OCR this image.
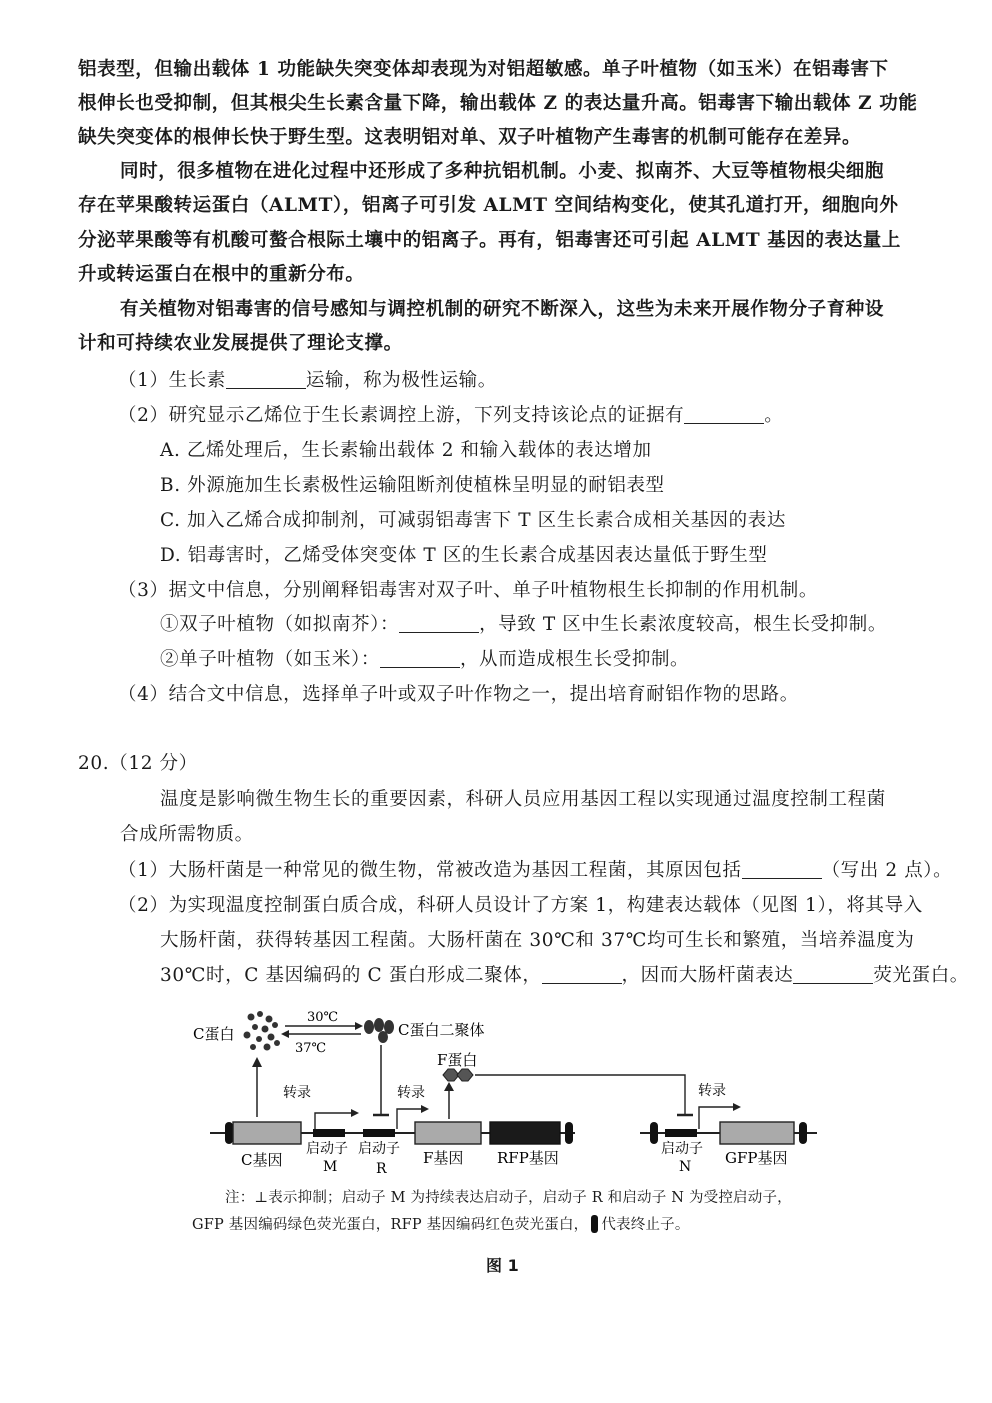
铝表型，但输出载体 1 功能缺失突变体却表现为对铝超敏感。单子叶植物（如玉米）在铝毒害下
根伸长也受抑制，但其根尖生长素含量下降，输出载体 Z 的表达量升高。铝毒害下输出载体 Z 功能
缺失突变体的根伸长快于野生型。这表明铝对单、双子叶植物产生毒害的机制可能存在差异。
同时，很多植物在进化过程中还形成了多种抗铝机制。小麦、拟南芥、大豆等植物根尖细胞
存在苹果酸转运蛋白（ALMT），铝离子可引发 ALMT 空间结构变化，使其孔道打开，细胞向外
分泌苹果酸等有机酸可螯合根际土壤中的铝离子。再有，铝毒害还可引起 ALMT 基因的表达量上
升或转运蛋白在根中的重新分布。
有关植物对铝毒害的信号感知与调控机制的研究不断深入，这些为未来开展作物分子育种设
计和可持续农业发展提供了理论支撑。
（1）生长素	运输，称为极性运输。
（2）研究显示乙烯位于生长素调控上游，下列支持该论点的证据有	。
A. 乙烯处理后，生长素输出载体 2 和输入载体的表达增加
B. 外源施加生长素极性运输阻断剂使植株呈明显的耐铝表型
C. 加入乙烯合成抑制剂，可减弱铝毒害下 T 区生长素合成相关基因的表达
D. 铝毒害时，乙烯受体突变体 T 区的生长素合成基因表达量低于野生型
（3）据文中信息，分别阐释铝毒害对双子叶、单子叶植物根生长抑制的作用机制。
①双子叶植物（如拟南芥）：	，导致 T 区中生长素浓度较高，根生长受抑制。
②单子叶植物（如玉米）：	，从而造成根生长受抑制。
（4）结合文中信息，选择单子叶或双子叶作物之一，提出培育耐铝作物的思路。
20.（12 分）
温度是影响微生物生长的重要因素，科研人员应用基因工程以实现通过温度控制工程菌
合成所需物质。
（1）大肠杆菌是一种常见的微生物，常被改造为基因工程菌，其原因包括	（写出 2 点）。
（2）为实现温度控制蛋白质合成，科研人员设计了方案 1，构建表达载体（见图 1），将其导入
大肠杆菌，获得转基因工程菌。大肠杆菌在 30℃和 37℃均可生长和繁殖，当培养温度为
30℃时，C 基因编码的 C 蛋白形成二聚体，	，因而大肠杆菌表达	荧光蛋白。
C蛋白
30℃
37℃
C蛋白二聚体
F蛋白
转录	转录	转录
C基因
启动子
M
启动子
R
F基因 RFP基因	启动子
N GFP基因
注：⊥表示抑制；启动子 M 为持续表达启动子，启动子 R 和启动子 N 为受控启动子，
GFP 基因编码绿色荧光蛋白，RFP 基因编码红色荧光蛋白， 代表终止子。
图 1
